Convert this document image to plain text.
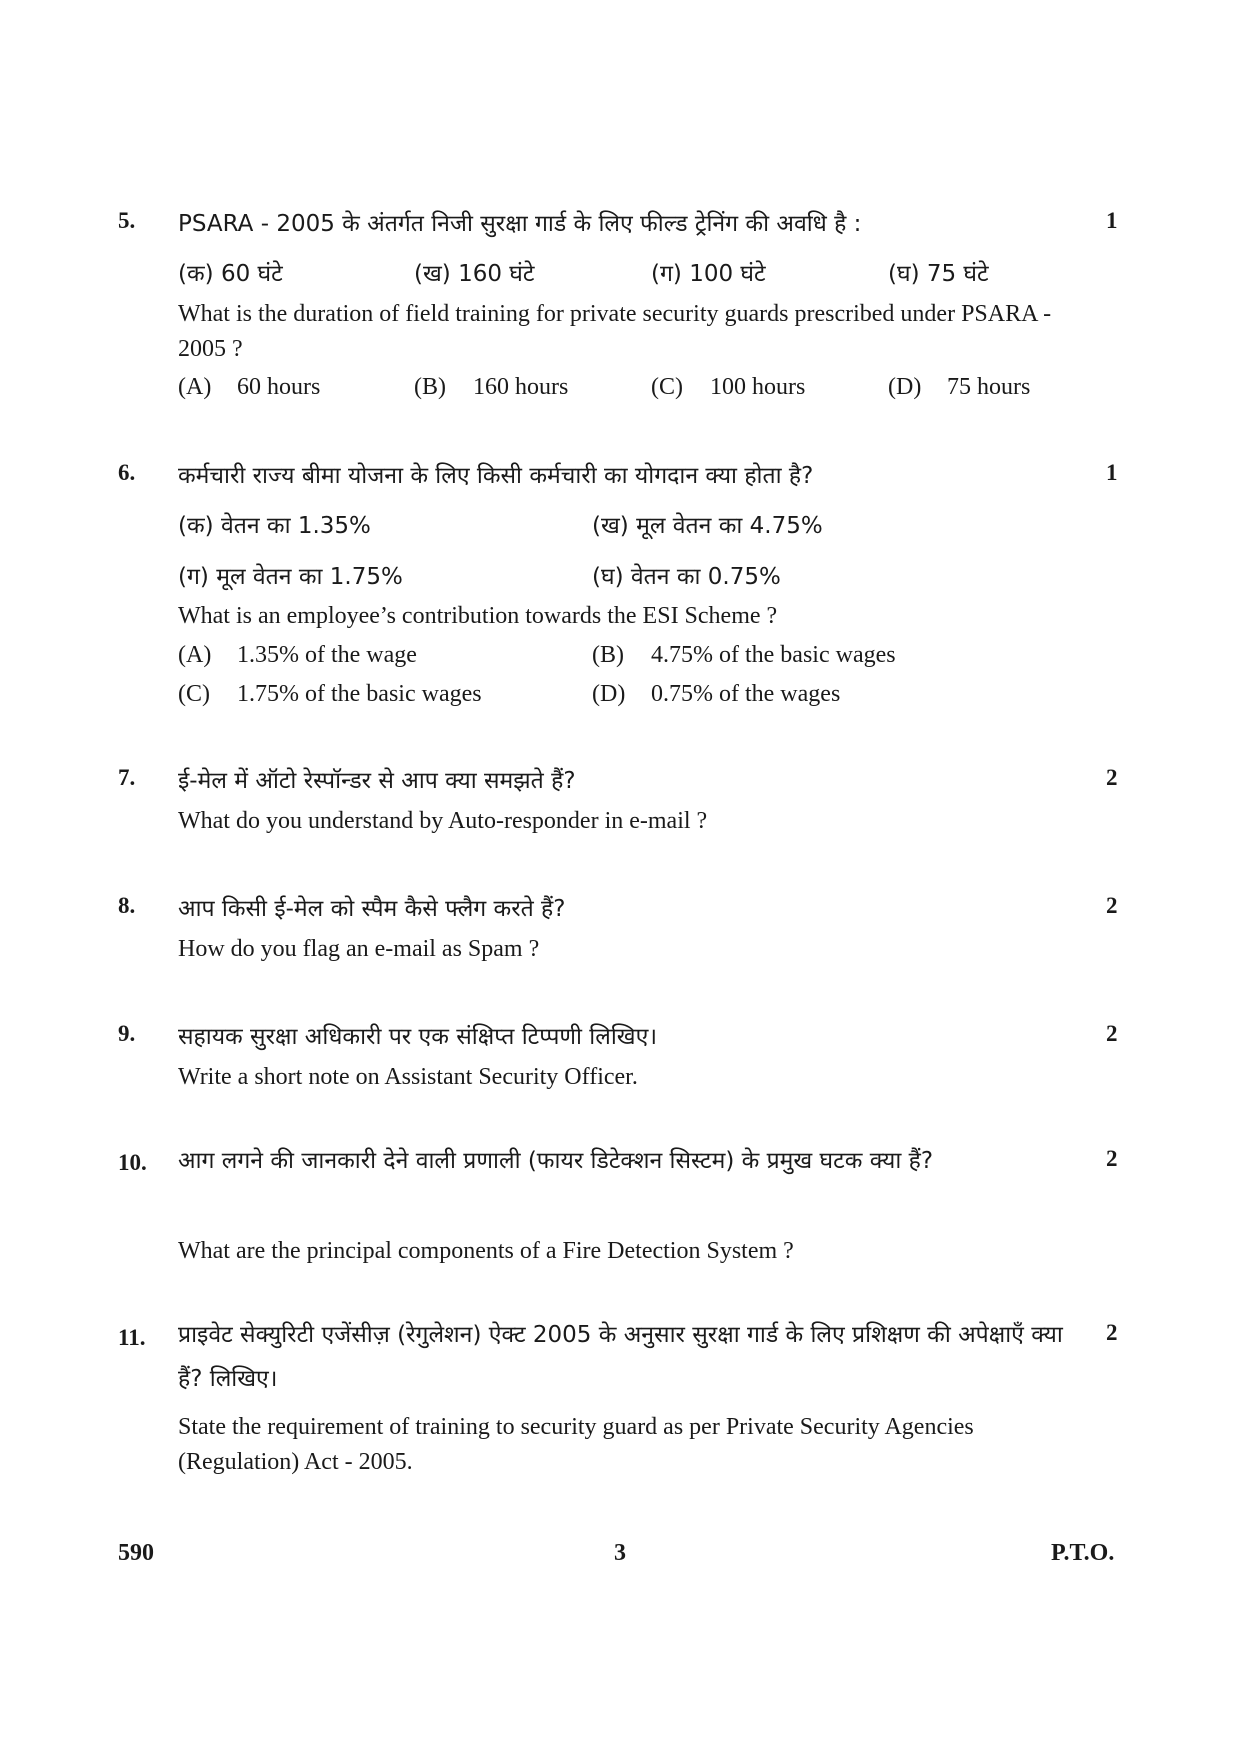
5. PSARA - 2005 के अंतर्गत निजी सुरक्षा गार्ड के लिए फील्ड ट्रेनिंग की अवधि है :	1
(क) 60 घंटे	(ख) 160 घंटे	(ग) 100 घंटे	(घ) 75 घंटे
What is the duration of field training for private security guards prescribed under PSARA - 2005 ?
(A) 60 hours	(B) 160 hours	(C) 100 hours	(D) 75 hours
6. कर्मचारी राज्य बीमा योजना के लिए किसी कर्मचारी का योगदान क्या होता है?	1
(क) वेतन का 1.35%	(ख) मूल वेतन का 4.75%
(ग) मूल वेतन का 1.75%	(घ) वेतन का 0.75%
What is an employee’s contribution towards the ESI Scheme ?
(A) 1.35% of the wage	(B) 4.75% of the basic wages
(C) 1.75% of the basic wages	(D) 0.75% of the wages
7. ई-मेल में ऑटो रेस्पॉन्डर से आप क्या समझते हैं?	2
What do you understand by Auto-responder in e-mail ?
8. आप किसी ई-मेल को स्पैम कैसे फ्लैग करते हैं?	2
How do you flag an e-mail as Spam ?
9. सहायक सुरक्षा अधिकारी पर एक संक्षिप्त टिप्पणी लिखिए।	2
Write a short note on Assistant Security Officer.
10. आग लगने की जानकारी देने वाली प्रणाली (फायर डिटेक्शन सिस्टम) के प्रमुख घटक क्या हैं?	2
What are the principal components of a Fire Detection System ?
11. प्राइवेट सेक्युरिटी एजेंसीज़ (रेगुलेशन) ऐक्ट 2005 के अनुसार सुरक्षा गार्ड के लिए प्रशिक्षण की अपेक्षाएँ क्या हैं? लिखिए।
2
State the requirement of training to security guard as per Private Security Agencies (Regulation) Act - 2005.
590	3	P.T.O.
